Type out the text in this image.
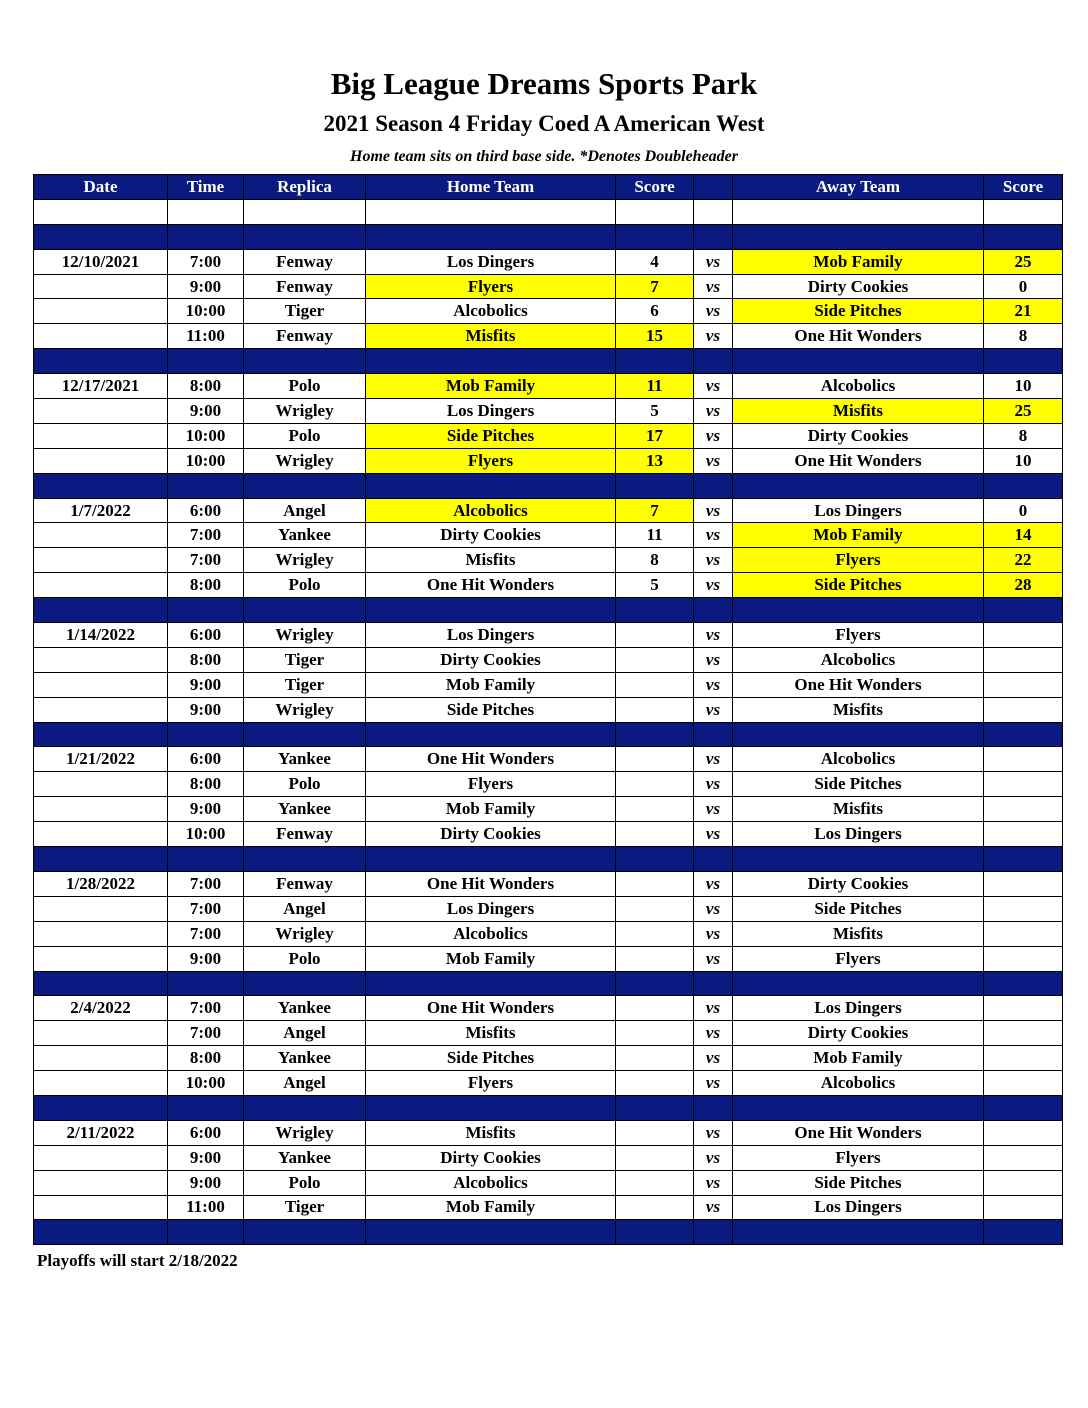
Big League Dreams Sports Park
2021 Season 4 Friday Coed A American West
Home team sits on third base side. *Denotes Doubleheader
Date	Time	Replica	Home Team	Score		Away Team	Score

12/10/2021	7:00	Fenway	Los Dingers	4	vs	Mob Family	25
	9:00	Fenway	Flyers	7	vs	Dirty Cookies	0
	10:00	Tiger	Alcobolics	6	vs	Side Pitches	21
	11:00	Fenway	Misfits	15	vs	One Hit Wonders	8

12/17/2021	8:00	Polo	Mob Family	11	vs	Alcobolics	10
	9:00	Wrigley	Los Dingers	5	vs	Misfits	25
	10:00	Polo	Side Pitches	17	vs	Dirty Cookies	8
	10:00	Wrigley	Flyers	13	vs	One Hit Wonders	10

1/7/2022	6:00	Angel	Alcobolics	7	vs	Los Dingers	0
	7:00	Yankee	Dirty Cookies	11	vs	Mob Family	14
	7:00	Wrigley	Misfits	8	vs	Flyers	22
	8:00	Polo	One Hit Wonders	5	vs	Side Pitches	28

1/14/2022	6:00	Wrigley	Los Dingers		vs	Flyers	
	8:00	Tiger	Dirty Cookies		vs	Alcobolics	
	9:00	Tiger	Mob Family		vs	One Hit Wonders	
	9:00	Wrigley	Side Pitches		vs	Misfits	

1/21/2022	6:00	Yankee	One Hit Wonders		vs	Alcobolics	
	8:00	Polo	Flyers		vs	Side Pitches	
	9:00	Yankee	Mob Family		vs	Misfits	
	10:00	Fenway	Dirty Cookies		vs	Los Dingers	

1/28/2022	7:00	Fenway	One Hit Wonders		vs	Dirty Cookies	
	7:00	Angel	Los Dingers		vs	Side Pitches	
	7:00	Wrigley	Alcobolics		vs	Misfits	
	9:00	Polo	Mob Family		vs	Flyers	

2/4/2022	7:00	Yankee	One Hit Wonders		vs	Los Dingers	
	7:00	Angel	Misfits		vs	Dirty Cookies	
	8:00	Yankee	Side Pitches		vs	Mob Family	
	10:00	Angel	Flyers		vs	Alcobolics	

2/11/2022	6:00	Wrigley	Misfits		vs	One Hit Wonders	
	9:00	Yankee	Dirty Cookies		vs	Flyers	
	9:00	Polo	Alcobolics		vs	Side Pitches	
	11:00	Tiger	Mob Family		vs	Los Dingers	

Playoffs will start 2/18/2022
